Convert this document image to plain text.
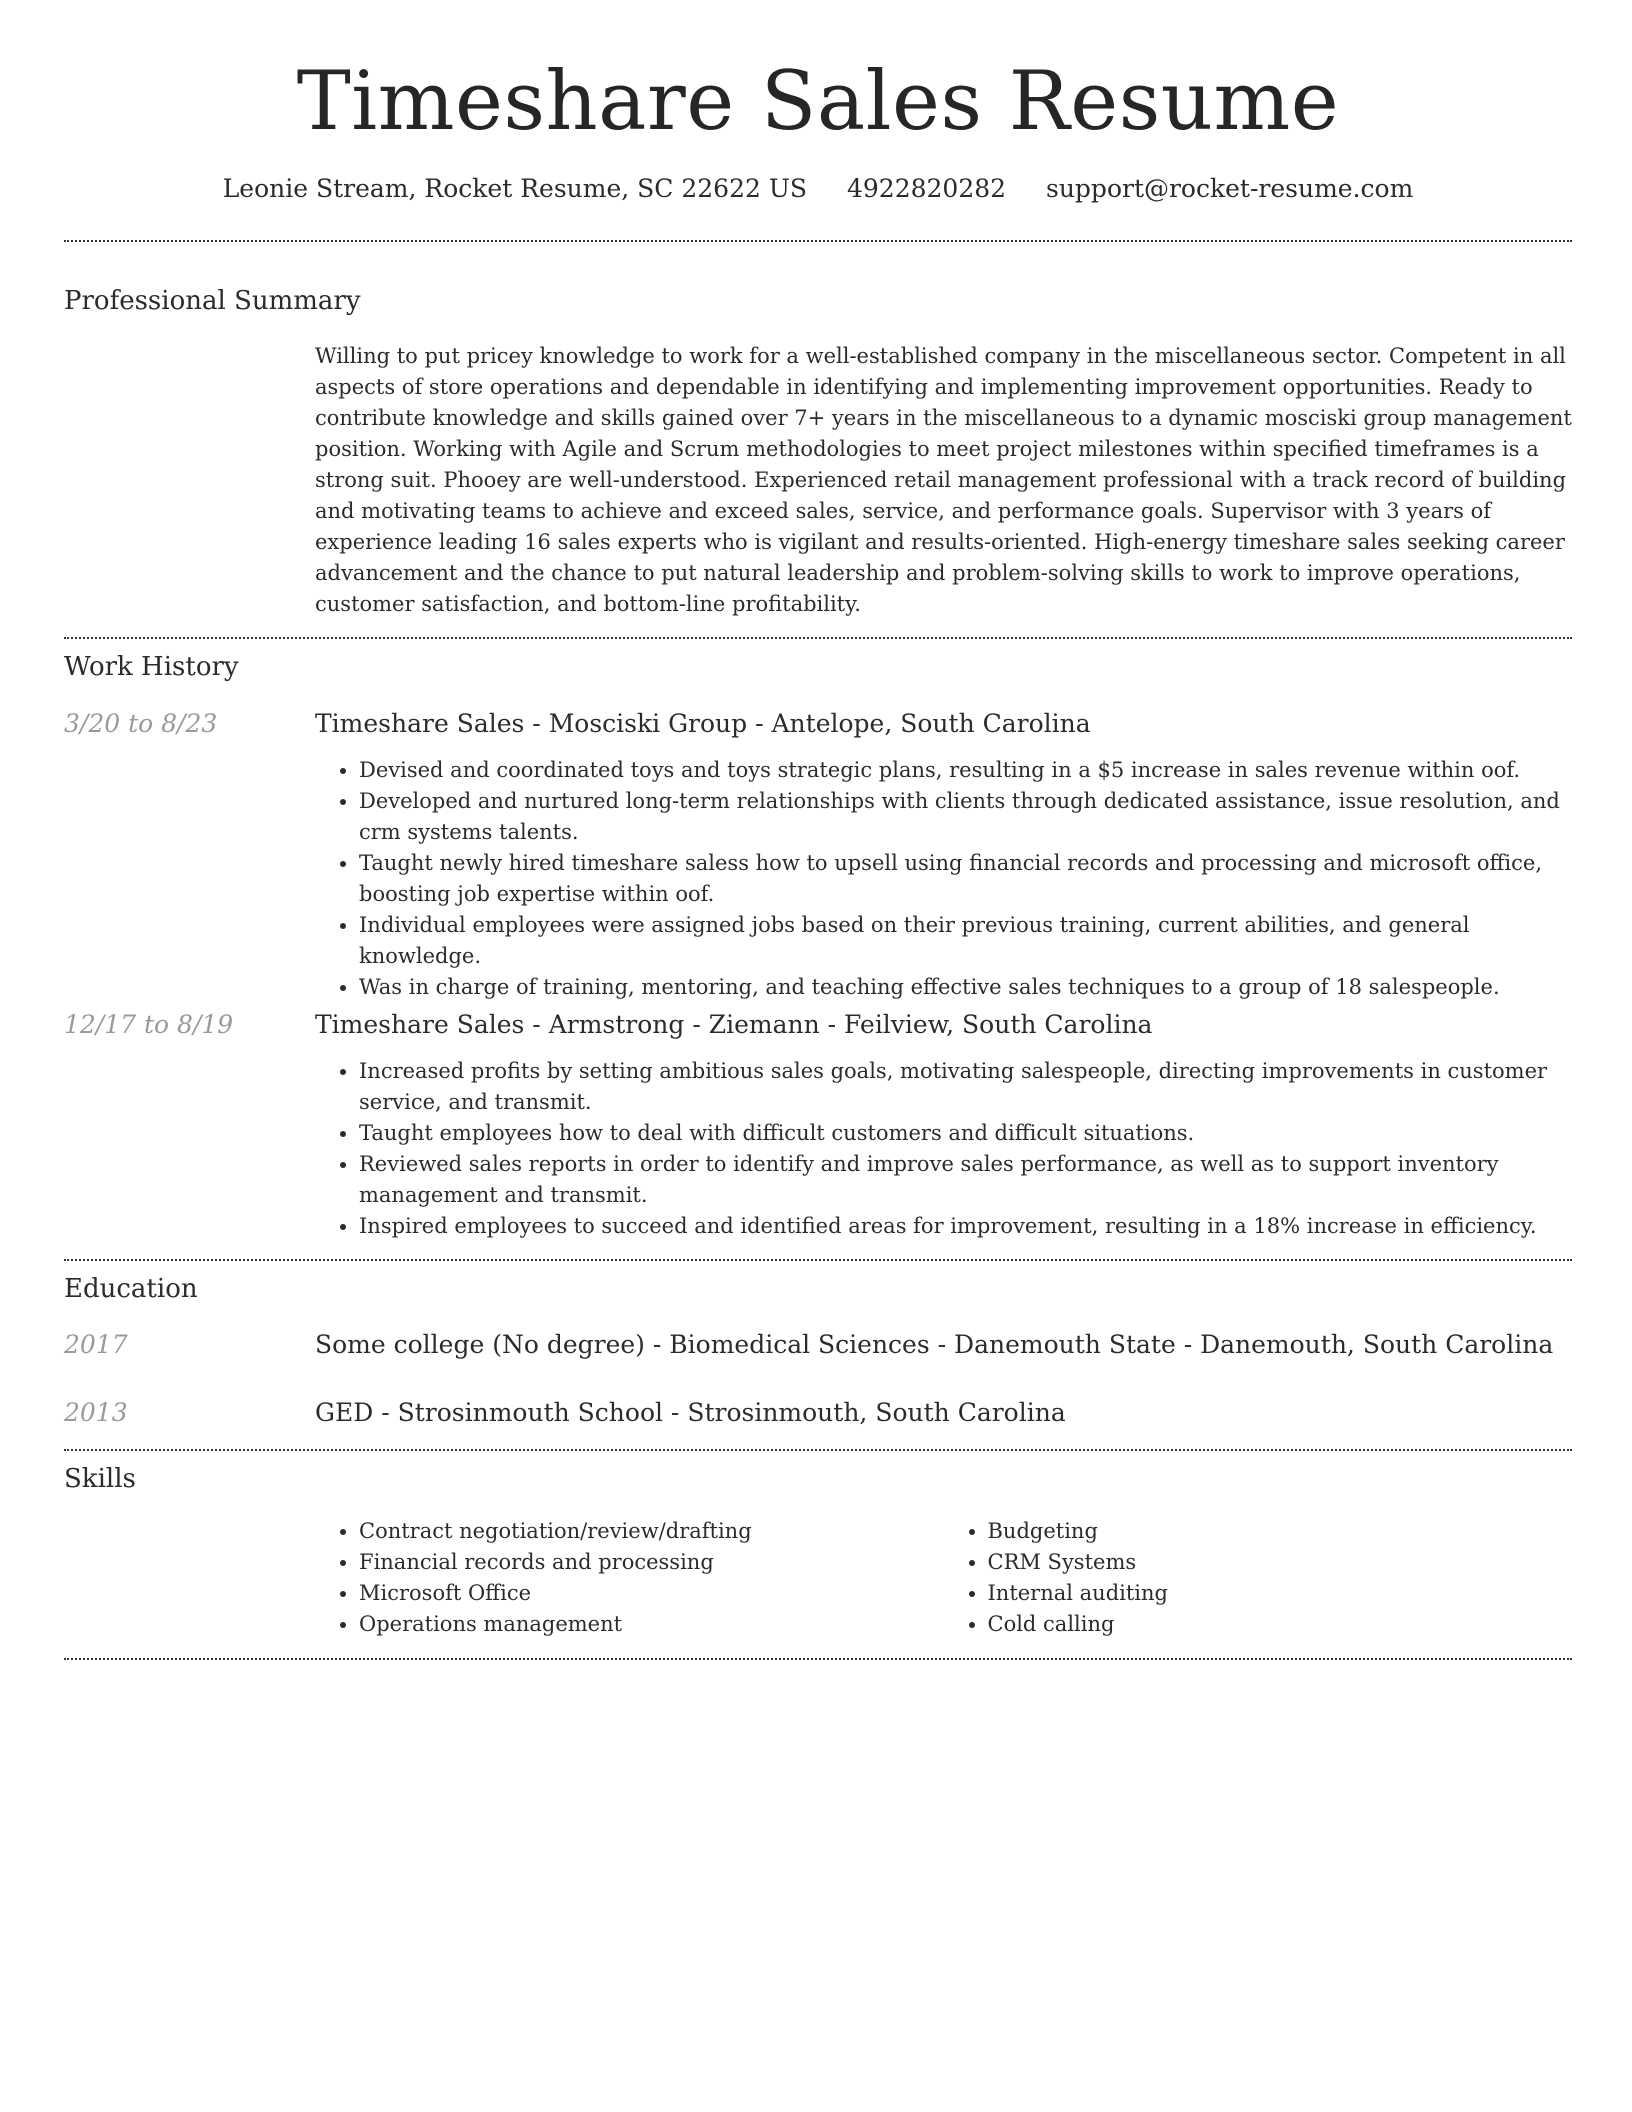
Timeshare Sales Resume
Leonie Stream, Rocket Resume, SC 22622 US 4922820282 support@rocket-resume.com
Professional Summary
Willing to put pricey knowledge to work for a well-established company in the miscellaneous sector. Competent in all aspects of store operations and dependable in identifying and implementing improvement opportunities. Ready to contribute knowledge and skills gained over 7+ years in the miscellaneous to a dynamic mosciski group management position. Working with Agile and Scrum methodologies to meet project milestones within specified timeframes is a strong suit. Phooey are well-understood. Experienced retail management professional with a track record of building and motivating teams to achieve and exceed sales, service, and performance goals. Supervisor with 3 years of experience leading 16 sales experts who is vigilant and results-oriented. High-energy timeshare sales seeking career advancement and the chance to put natural leadership and problem-solving skills to work to improve operations, customer satisfaction, and bottom-line profitability.
Work History
3/20 to 8/23	Timeshare Sales - Mosciski Group - Antelope, South Carolina
• Devised and coordinated toys and toys strategic plans, resulting in a $5 increase in sales revenue within oof.
• Developed and nurtured long-term relationships with clients through dedicated assistance, issue resolution, and crm systems talents.
• Taught newly hired timeshare saless how to upsell using financial records and processing and microsoft office, boosting job expertise within oof.
• Individual employees were assigned jobs based on their previous training, current abilities, and general knowledge.
• Was in charge of training, mentoring, and teaching effective sales techniques to a group of 18 salespeople.
12/17 to 8/19	Timeshare Sales - Armstrong - Ziemann - Feilview, South Carolina
• Increased profits by setting ambitious sales goals, motivating salespeople, directing improvements in customer service, and transmit.
• Taught employees how to deal with difficult customers and difficult situations.
• Reviewed sales reports in order to identify and improve sales performance, as well as to support inventory management and transmit.
• Inspired employees to succeed and identified areas for improvement, resulting in a 18% increase in efficiency.
Education
2017	Some college (No degree) - Biomedical Sciences - Danemouth State - Danemouth, South Carolina
2013	GED - Strosinmouth School - Strosinmouth, South Carolina
Skills
• Contract negotiation/review/drafting
• Financial records and processing
• Microsoft Office
• Operations management
• Budgeting
• CRM Systems
• Internal auditing
• Cold calling
